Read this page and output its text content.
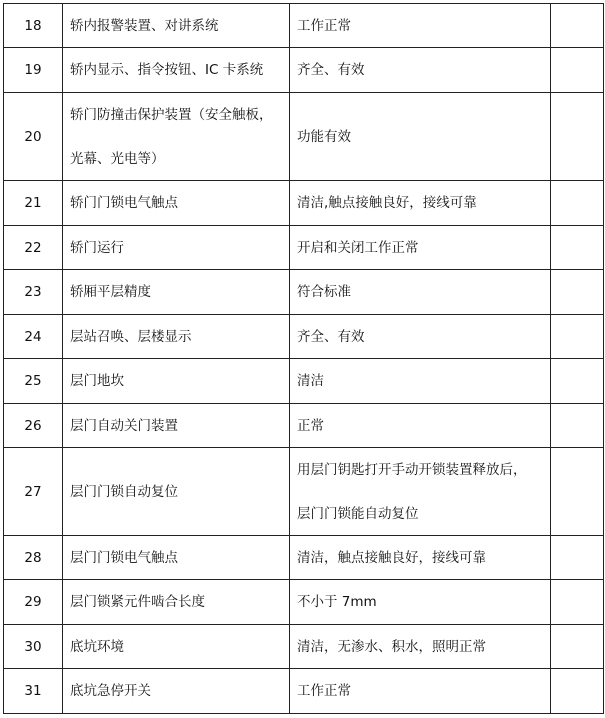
18	轿内报警装置、对讲系统	工作正常	
19	轿内显示、指令按钮、IC 卡系统	齐全、有效	
20	轿门防撞击保护装置（安全触板，
光幕、光电等）	功能有效	
21	轿门门锁电气触点	清洁,触点接触良好，接线可靠	
22	轿门运行	开启和关闭工作正常	
23	轿厢平层精度	符合标准	
24	层站召唤、层楼显示	齐全、有效	
25	层门地坎	清洁	
26	层门自动关门装置	正常	
27	层门门锁自动复位	用层门钥匙打开手动开锁装置释放后，
层门门锁能自动复位	

28	层门门锁电气触点	清洁，触点接触良好，接线可靠	
29	层门锁紧元件啮合长度	不小于 7mm	
30	底坑环境	清洁，无渗水、积水，照明正常	
31	底坑急停开关	工作正常	
